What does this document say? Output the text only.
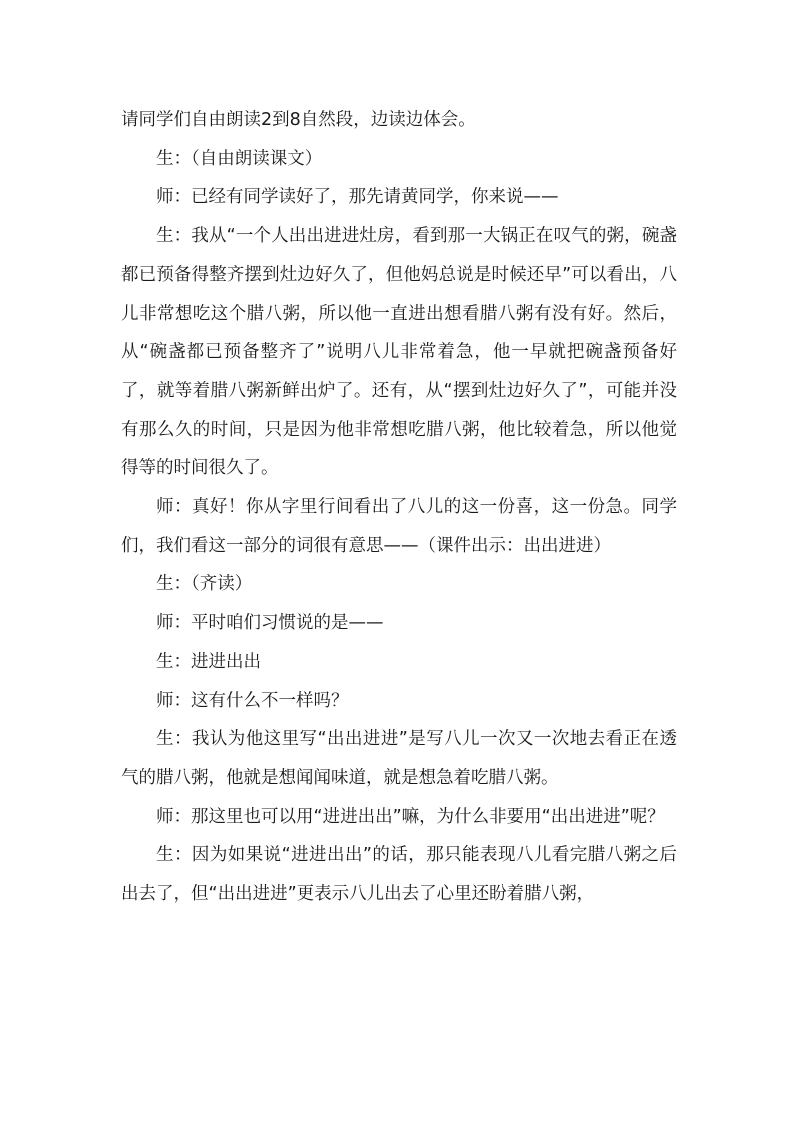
请同学们自由朗读2到8自然段，边读边体会。

生：（自由朗读课文）

师：已经有同学读好了，那先请黄同学，你来说——

生：我从“一个人出出进进灶房，看到那一大锅正在叹气的粥，碗盏都已预备得整齐摆到灶边好久了，但他妈总说是时候还早”可以看出，八儿非常想吃这个腊八粥，所以他一直进出想看腊八粥有没有好。然后，从“碗盏都已预备整齐了”说明八儿非常着急，他一早就把碗盏预备好了，就等着腊八粥新鲜出炉了。还有，从“摆到灶边好久了”，可能并没有那么久的时间，只是因为他非常想吃腊八粥，他比较着急，所以他觉得等的时间很久了。

师：真好！你从字里行间看出了八儿的这一份喜，这一份急。同学们，我们看这一部分的词很有意思——（课件出示：出出进进）

生：（齐读）

师：平时咱们习惯说的是——

生：进进出出

师：这有什么不一样吗？

生：我认为他这里写“出出进进”是写八儿一次又一次地去看正在透气的腊八粥，他就是想闻闻味道，就是想急着吃腊八粥。

师：那这里也可以用“进进出出”嘛，为什么非要用“出出进进”呢？

生：因为如果说“进进出出”的话，那只能表现八儿看完腊八粥之后出去了，但“出出进进”更表示八儿出去了心里还盼着腊八粥，
